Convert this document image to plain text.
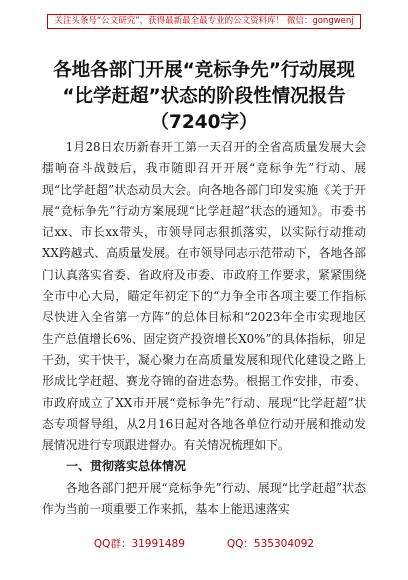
关注头条号“公文研究”，获得最新最全最专业的公文资料库！ 微信：gongwenj
各地各部门开展“竞标争先”行动展现
“比学赶超”状态的阶段性情况报告
（7240字）

1月28日农历新春开工第一天召开的全省高质量发展大会擂响奋斗战鼓后，我市随即召开开展“竞标争先”行动、展现“比学赶超”状态动员大会。向各地各部门印发实施《关于开展“竞标争先”行动方案展现“比学赶超”状态的通知》。市委书记xx、市长xx带头，市领导同志狠抓落实，以实际行动推动XX跨越式、高质量发展。在市领导同志示范带动下，各地各部门认真落实省委、省政府及市委、市政府工作要求，紧紧围绕全市中心大局，瞄定年初定下的“力争全市各项主要工作指标尽快进入全省第一方阵”的总体目标和“2023年全市实现地区生产总值增长6%、固定资产投资增长X0%”的具体指标，卯足干劲，实干快干，凝心聚力在高质量发展和现代化建设之路上形成比学赶超、赛龙夺锦的奋进态势。根据工作安排，市委、市政府成立了XX市开展“竞标争先”行动、展现“比学赶超”状态专项督导组，从2月16日起对各地各单位行动开展和推动发展情况进行专项跟进督办。有关情况梳理如下。

一、贯彻落实总体情况

各地各部门把开展“竞标争先”行动、展现“比学赶超”状态作为当前一项重要工作来抓，基本上能迅速落实

QQ群：31991489	QQ：535304092
